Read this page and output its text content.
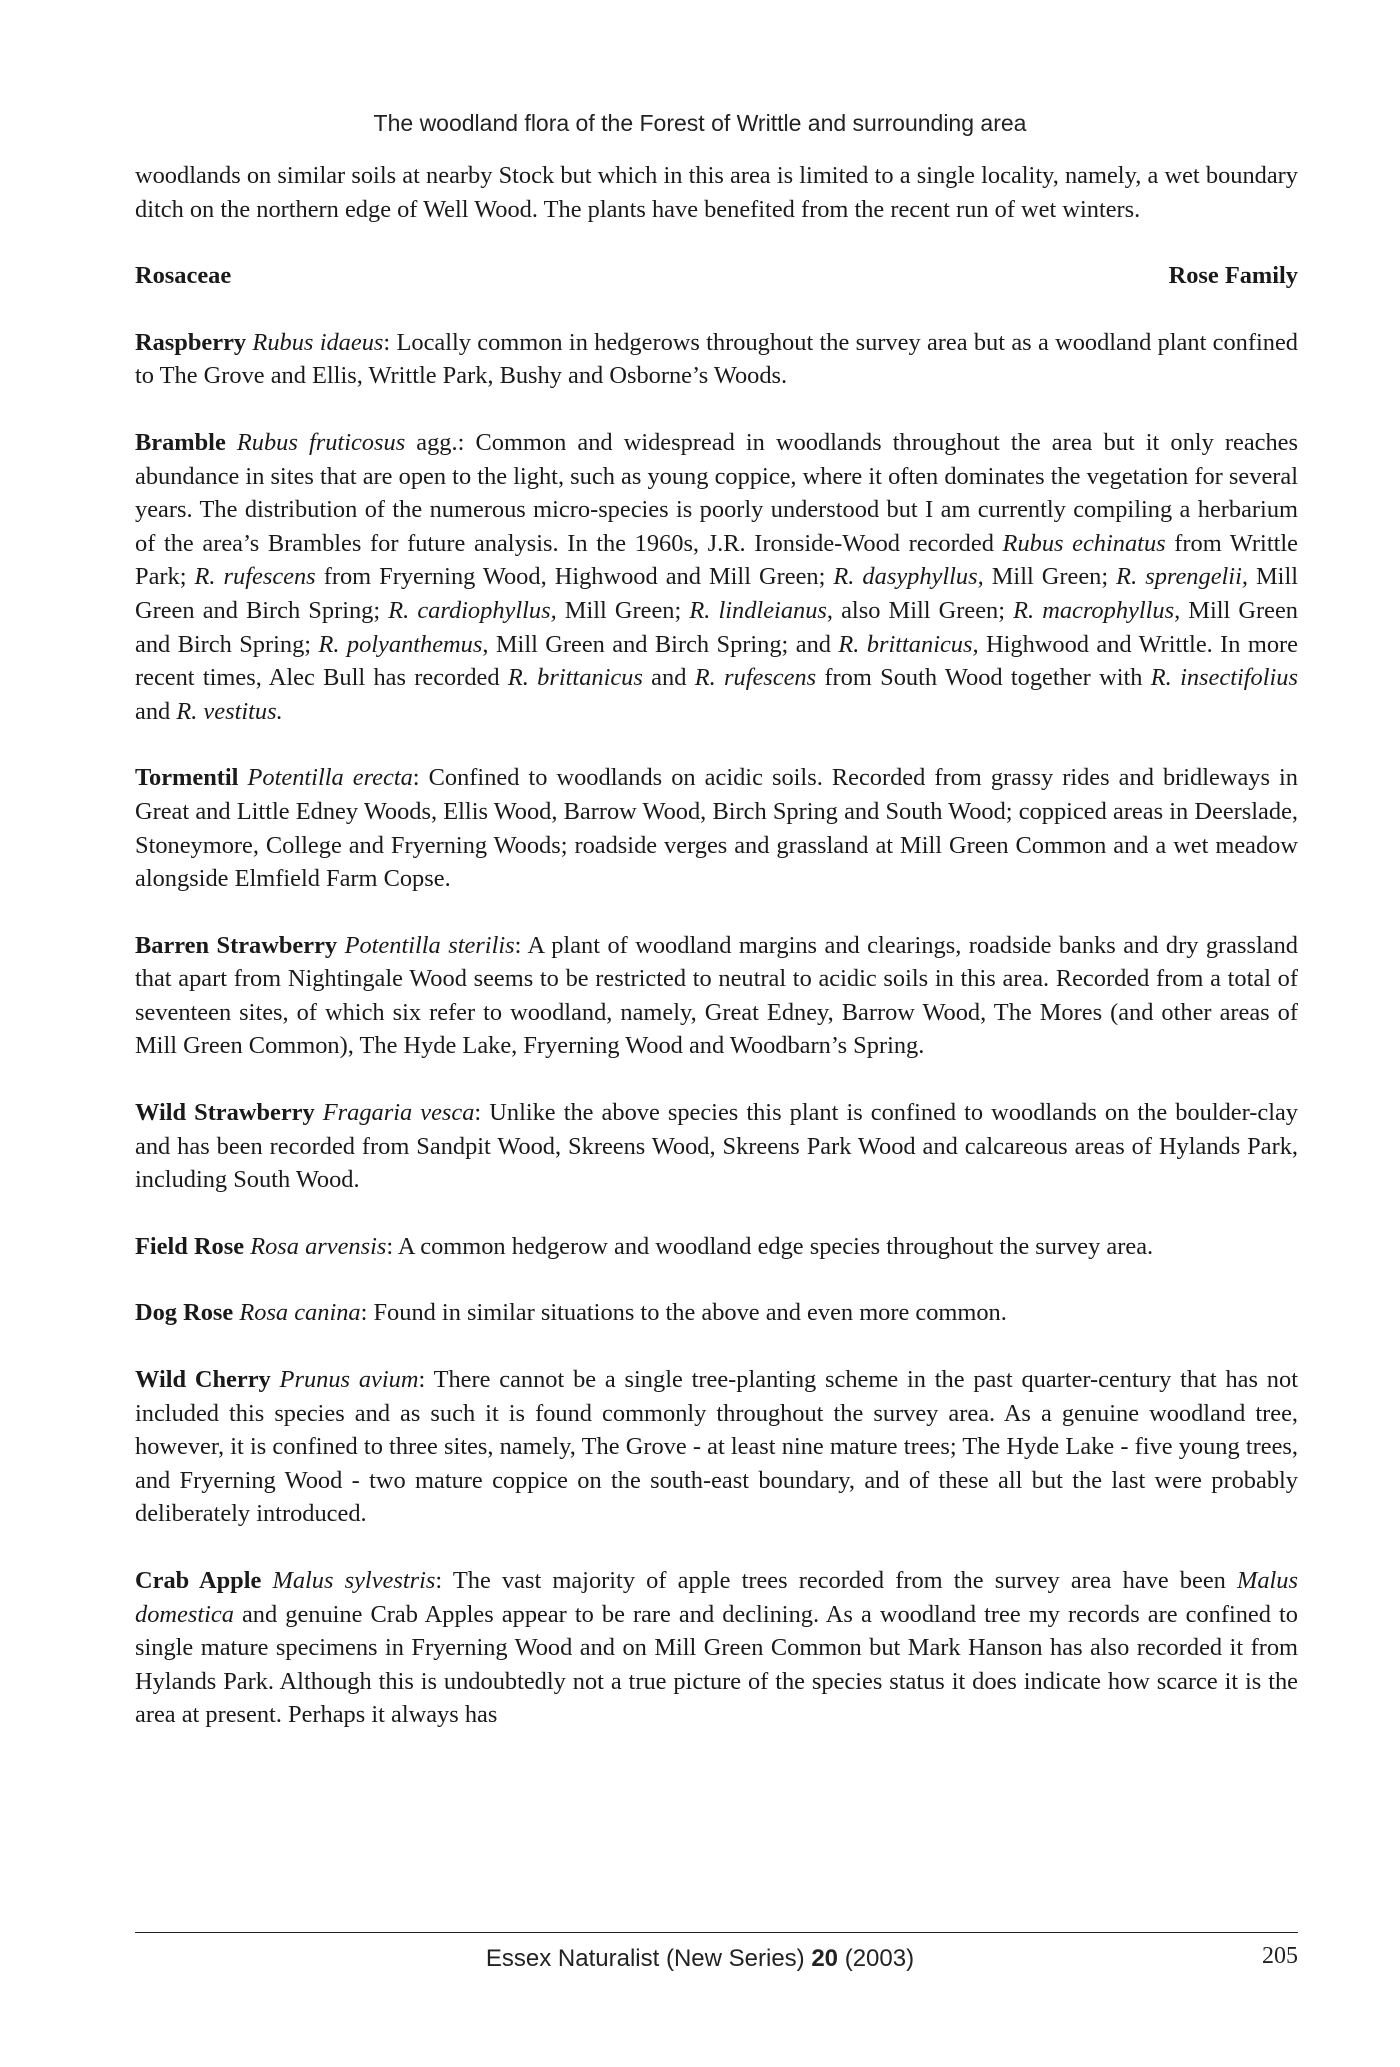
The woodland flora of the Forest of Writtle and surrounding area

woodlands on similar soils at nearby Stock but which in this area is limited to a single locality, namely, a wet boundary ditch on the northern edge of Well Wood. The plants have benefited from the recent run of wet winters.

Rosaceae	Rose Family

Raspberry Rubus idaeus: Locally common in hedgerows throughout the survey area but as a woodland plant confined to The Grove and Ellis, Writtle Park, Bushy and Osborne’s Woods.

Bramble Rubus fruticosus agg.: Common and widespread in woodlands throughout the area but it only reaches abundance in sites that are open to the light, such as young coppice, where it often dominates the vegetation for several years. The distribution of the numerous micro-species is poorly understood but I am currently compiling a herbarium of the area’s Brambles for future analysis. In the 1960s, J.R. Ironside-Wood recorded Rubus echinatus from Writtle Park; R. rufescens from Fryerning Wood, Highwood and Mill Green; R. dasyphyllus, Mill Green; R. sprengelii, Mill Green and Birch Spring; R. cardiophyllus, Mill Green; R. lindleianus, also Mill Green; R. macrophyllus, Mill Green and Birch Spring; R. polyanthemus, Mill Green and Birch Spring; and R. brittanicus, Highwood and Writtle. In more recent times, Alec Bull has recorded R. brittanicus and R. rufescens from South Wood together with R. insectifolius and R. vestitus.

Tormentil Potentilla erecta: Confined to woodlands on acidic soils. Recorded from grassy rides and bridleways in Great and Little Edney Woods, Ellis Wood, Barrow Wood, Birch Spring and South Wood; coppiced areas in Deerslade, Stoneymore, College and Fryerning Woods; roadside verges and grassland at Mill Green Common and a wet meadow alongside Elmfield Farm Copse.

Barren Strawberry Potentilla sterilis: A plant of woodland margins and clearings, roadside banks and dry grassland that apart from Nightingale Wood seems to be restricted to neutral to acidic soils in this area. Recorded from a total of seventeen sites, of which six refer to woodland, namely, Great Edney, Barrow Wood, The Mores (and other areas of Mill Green Common), The Hyde Lake, Fryerning Wood and Woodbarn’s Spring.

Wild Strawberry Fragaria vesca: Unlike the above species this plant is confined to woodlands on the boulder-clay and has been recorded from Sandpit Wood, Skreens Wood, Skreens Park Wood and calcareous areas of Hylands Park, including South Wood.

Field Rose Rosa arvensis: A common hedgerow and woodland edge species throughout the survey area.

Dog Rose Rosa canina: Found in similar situations to the above and even more common.

Wild Cherry Prunus avium: There cannot be a single tree-planting scheme in the past quarter-century that has not included this species and as such it is found commonly throughout the survey area. As a genuine woodland tree, however, it is confined to three sites, namely, The Grove - at least nine mature trees; The Hyde Lake - five young trees, and Fryerning Wood - two mature coppice on the south-east boundary, and of these all but the last were probably deliberately introduced.

Crab Apple Malus sylvestris: The vast majority of apple trees recorded from the survey area have been Malus domestica and genuine Crab Apples appear to be rare and declining. As a woodland tree my records are confined to single mature specimens in Fryerning Wood and on Mill Green Common but Mark Hanson has also recorded it from Hylands Park. Although this is undoubtedly not a true picture of the species status it does indicate how scarce it is the area at present. Perhaps it always has

Essex Naturalist (New Series) 20 (2003)	205
